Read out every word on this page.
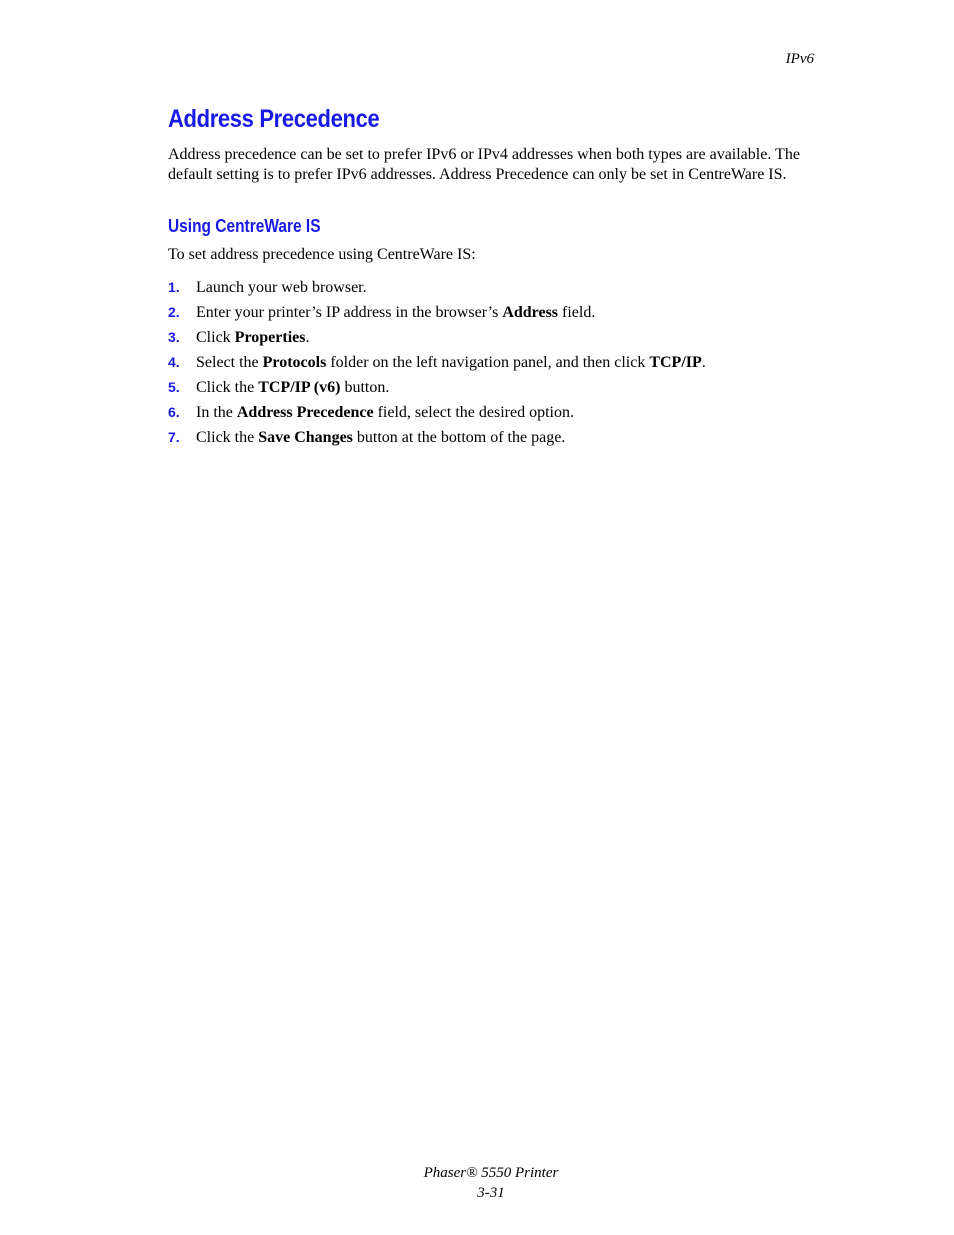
IPv6
Address Precedence

Address precedence can be set to prefer IPv6 or IPv4 addresses when both types are available. The default setting is to prefer IPv6 addresses. Address Precedence can only be set in CentreWare IS.

Using CentreWare IS

To set address precedence using CentreWare IS:

1. Launch your web browser.
2. Enter your printer’s IP address in the browser’s Address field.
3. Click Properties.
4. Select the Protocols folder on the left navigation panel, and then click TCP/IP.
5. Click the TCP/IP (v6) button.
6. In the Address Precedence field, select the desired option.
7. Click the Save Changes button at the bottom of the page.
Phaser® 5550 Printer
3-31
